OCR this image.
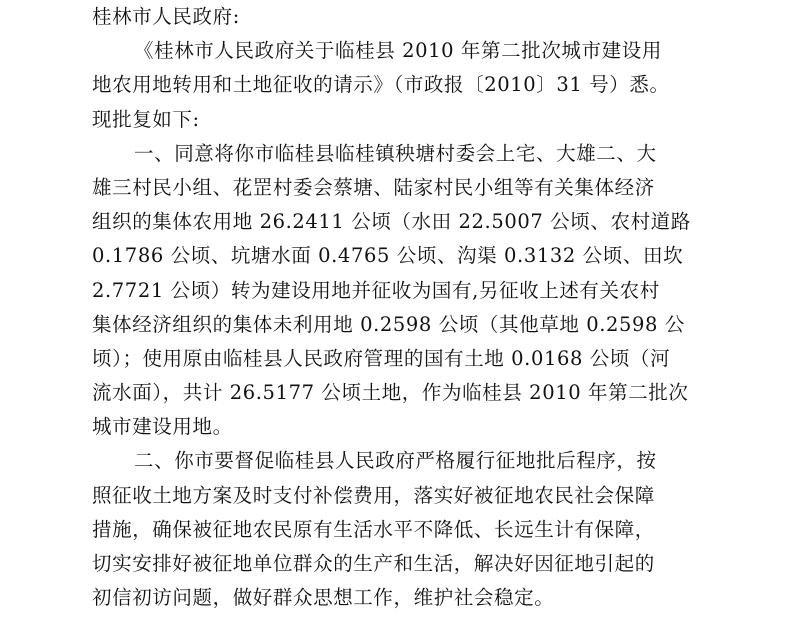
桂林市人民政府:
《桂林市人民政府关于临桂县 2010 年第二批次城市建设用
地农用地转用和土地征收的请示》（市政报〔2010〕31 号）悉。
现批复如下:
一、同意将你市临桂县临桂镇秧塘村委会上宅、大雄二、大
雄三村民小组、花罡村委会蔡塘、陆家村民小组等有关集体经济
组织的集体农用地 26.2411 公顷（水田 22.5007 公顷、农村道路
0.1786 公顷、坑塘水面 0.4765 公顷、沟渠 0.3132 公顷、田坎
2.7721 公顷）转为建设用地并征收为国有,另征收上述有关农村
集体经济组织的集体未利用地 0.2598 公顷（其他草地 0.2598 公
顷）；使用原由临桂县人民政府管理的国有土地 0.0168 公顷（河
流水面），共计 26.5177 公顷土地，作为临桂县 2010 年第二批次
城市建设用地。
二、你市要督促临桂县人民政府严格履行征地批后程序，按
照征收土地方案及时支付补偿费用，落实好被征地农民社会保障
措施，确保被征地农民原有生活水平不降低、长远生计有保障，
切实安排好被征地单位群众的生产和生活，解决好因征地引起的
初信初访问题，做好群众思想工作，维护社会稳定。
